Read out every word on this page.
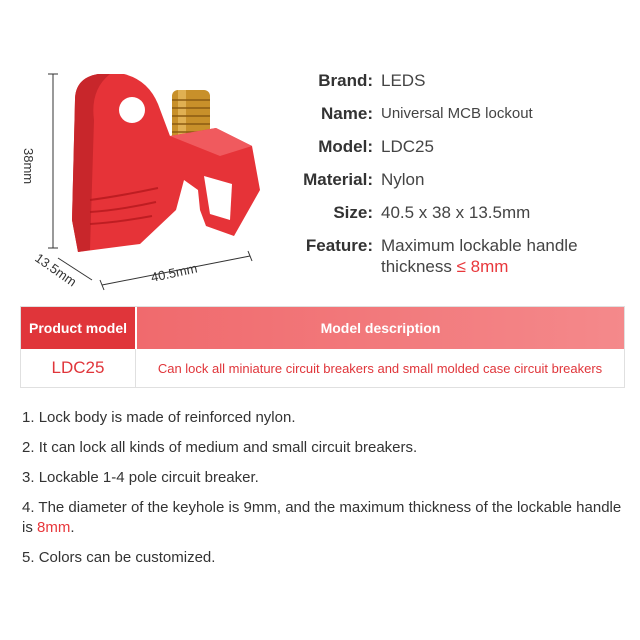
38mm
13.5mm	40.5mm
Brand: LEDS
Name: Universal MCB lockout
Model: LDC25
Material: Nylon
Size: 40.5 x 38 x 13.5mm
Feature: Maximum lockable handle
thickness ≤ 8mm
Product model	Model description
LDC25	Can lock all miniature circuit breakers and small molded case circuit breakers
1. Lock body is made of reinforced nylon.
2. It can lock all kinds of medium and small circuit breakers.
3. Lockable 1-4 pole circuit breaker.
4. The diameter of the keyhole is 9mm, and the maximum thickness of the lockable handle is 8mm.
5. Colors can be customized.
